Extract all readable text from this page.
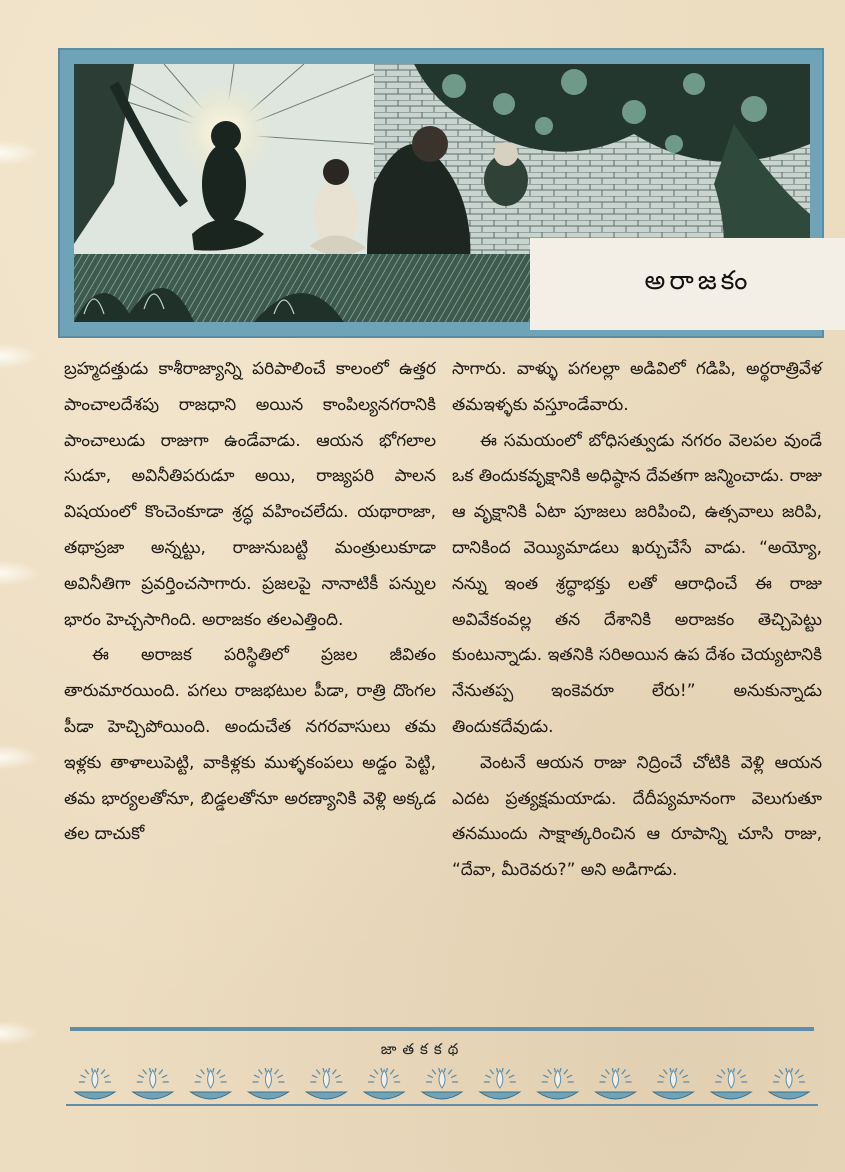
అరాజకం

బ్రహ్మదత్తుడు కాశీరాజ్యాన్ని పరిపాలించే కాలంలో ఉత్తర పాంచాలదేశపు రాజధాని అయిన కాంపిల్యనగరానికి పాంచాలుడు రాజుగా ఉండేవాడు. ఆయన భోగలాల సుడూ, అవినీతిపరుడూ అయి, రాజ్యపరి పాలన విషయంలో కొంచెంకూడా శ్రద్ధ వహించలేదు. యథారాజా, తథాప్రజా అన్నట్టు, రాజునుబట్టి మంత్రులుకూడా అవినీతిగా ప్రవర్తించసాగారు. ప్రజలపై నానాటికీ పన్నుల భారం హెచ్చసాగింది. అరాజకం తలఎత్తింది.

ఈ అరాజక పరిస్థితిలో ప్రజల జీవితం తారుమారయింది. పగలు రాజభటుల పీడా, రాత్రి దొంగల పీడా హెచ్చిపోయింది. అందుచేత నగరవాసులు తమ ఇళ్లకు తాళాలుపెట్టి, వాకిళ్లకు ముళ్ళకంపలు అడ్డం పెట్టి, తమ భార్యలతోనూ, బిడ్డలతోనూ అరణ్యానికి వెళ్లి అక్కడ తల దాచుకో

సాగారు. వాళ్ళు పగలల్లా అడివిలో గడిపి, అర్థరాత్రివేళ తమఇళ్ళకు వస్తూండేవారు.

ఈ సమయంలో బోధిసత్వుడు నగరం వెలపల వుండే ఒక తిందుకవృక్షానికి అధిష్ఠాన దేవతగా జన్మించాడు. రాజు ఆ వృక్షానికి ఏటా పూజలు జరిపించి, ఉత్సవాలు జరిపి, దానికింద వెయ్యిమాడలు ఖర్చుచేసే వాడు. “అయ్యో, నన్ను ఇంత శ్రద్ధాభక్తు లతో ఆరాధించే ఈ రాజు అవివేకంవల్ల తన దేశానికి అరాజకం తెచ్చిపెట్టు కుంటున్నాడు. ఇతనికి సరిఅయిన ఉప దేశం చెయ్యటానికి నేనుతప్ప ఇంకెవరూ లేరు!” అనుకున్నాడు తిందుకదేవుడు.

వెంటనే ఆయన రాజు నిద్రించే చోటికి వెళ్లి ఆయన ఎదట ప్రత్యక్షమయాడు. దేదీప్యమానంగా వెలుగుతూ తనముందు సాక్షాత్కరించిన ఆ రూపాన్ని చూసి రాజు, “దేవా, మీరెవరు?” అని అడిగాడు.

జాతకకథ
